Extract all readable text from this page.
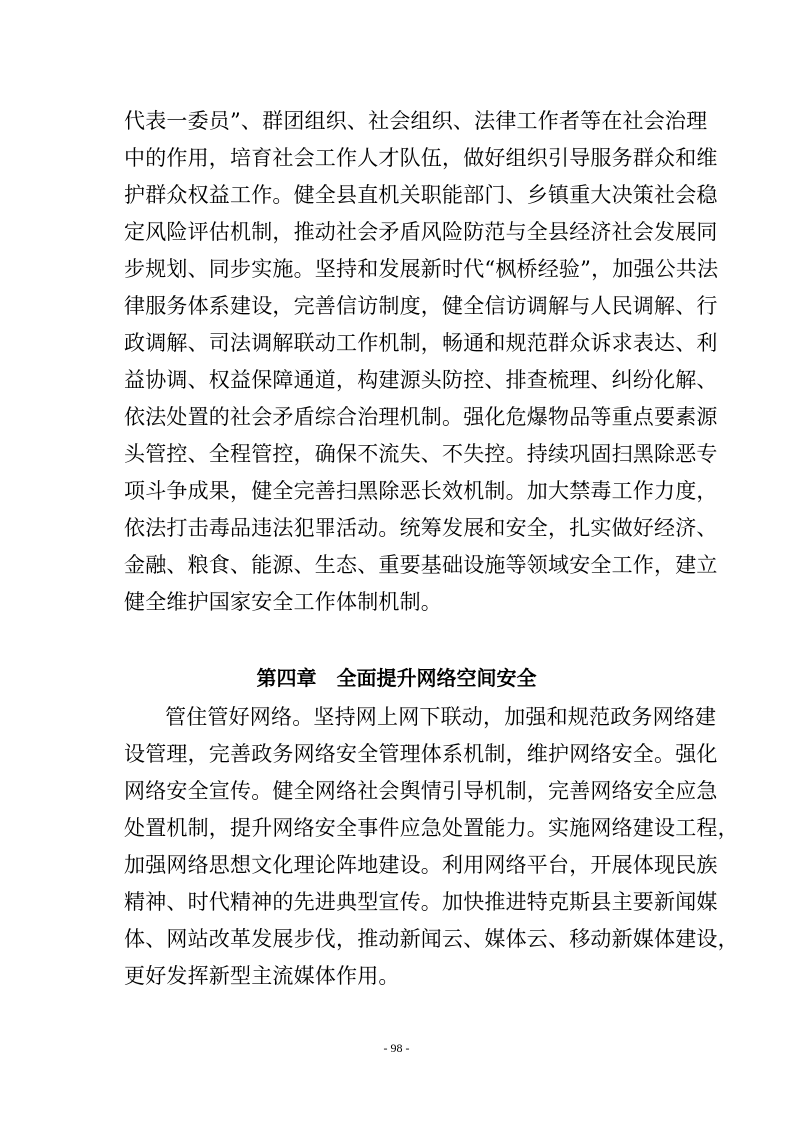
代表一委员”、群团组织、社会组织、法律工作者等在社会治理
中的作用，培育社会工作人才队伍，做好组织引导服务群众和维
护群众权益工作。健全县直机关职能部门、乡镇重大决策社会稳
定风险评估机制，推动社会矛盾风险防范与全县经济社会发展同
步规划、同步实施。坚持和发展新时代“枫桥经验”，加强公共法
律服务体系建设，完善信访制度，健全信访调解与人民调解、行
政调解、司法调解联动工作机制，畅通和规范群众诉求表达、利
益协调、权益保障通道，构建源头防控、排查梳理、纠纷化解、
依法处置的社会矛盾综合治理机制。强化危爆物品等重点要素源
头管控、全程管控，确保不流失、不失控。持续巩固扫黑除恶专
项斗争成果，健全完善扫黑除恶长效机制。加大禁毒工作力度，
依法打击毒品违法犯罪活动。统筹发展和安全，扎实做好经济、
金融、粮食、能源、生态、重要基础设施等领域安全工作，建立
健全维护国家安全工作体制机制。
第四章　全面提升网络空间安全
管住管好网络。坚持网上网下联动，加强和规范政务网络建
设管理，完善政务网络安全管理体系机制，维护网络安全。强化
网络安全宣传。健全网络社会舆情引导机制，完善网络安全应急
处置机制，提升网络安全事件应急处置能力。实施网络建设工程，
加强网络思想文化理论阵地建设。利用网络平台，开展体现民族
精神、时代精神的先进典型宣传。加快推进特克斯县主要新闻媒
体、网站改革发展步伐，推动新闻云、媒体云、移动新媒体建设，
更好发挥新型主流媒体作用。
- 98 -
